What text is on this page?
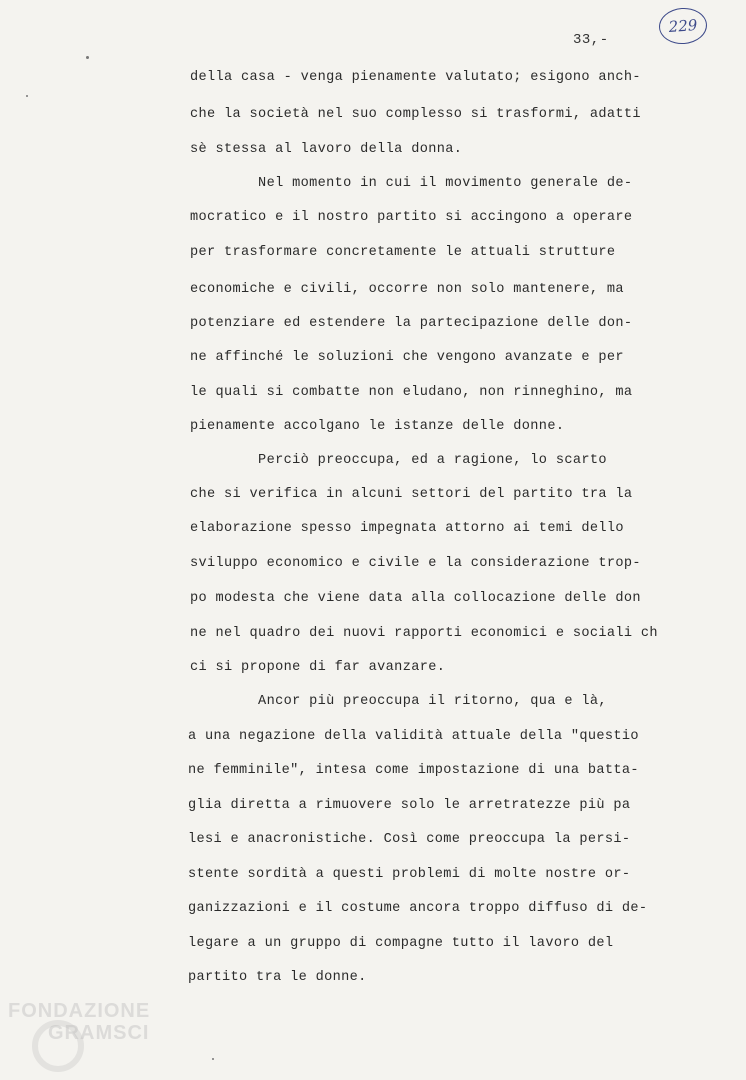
33,-
229
della casa - venga pienamente valutato; esigono anch-
che la società nel suo complesso si trasformi, adatti
sè stessa al lavoro della donna.
Nel momento in cui il movimento generale de-
mocratico e il nostro partito si accingono a operare
per trasformare concretamente le attuali strutture
economiche e civili, occorre non solo mantenere, ma
potenziare ed estendere la partecipazione delle don-
ne affinché le soluzioni che vengono avanzate e per
le quali si combatte non eludano, non rinneghino, ma
pienamente accolgano le istanze delle donne.
Perciò preoccupa, ed a ragione, lo scarto
che si verifica in alcuni settori del partito tra la
elaborazione spesso impegnata attorno ai temi dello
sviluppo economico e civile e la considerazione trop-
po modesta che viene data alla collocazione delle don
ne nel quadro dei nuovi rapporti economici e sociali ch
ci si propone di far avanzare.
Ancor più preoccupa il ritorno, qua e là,
a una negazione della validità attuale della "questio
ne femminile", intesa come impostazione di una batta-
glia diretta a rimuovere solo le arretratezze più pa
lesi e anacronistiche. Così come preoccupa la persi-
stente sordità a questi problemi di molte nostre or-
ganizzazioni e il costume ancora troppo diffuso di de-
legare a un gruppo di compagne tutto il lavoro del
partito tra le donne.
FONDAZIONE
GRAMSCI
